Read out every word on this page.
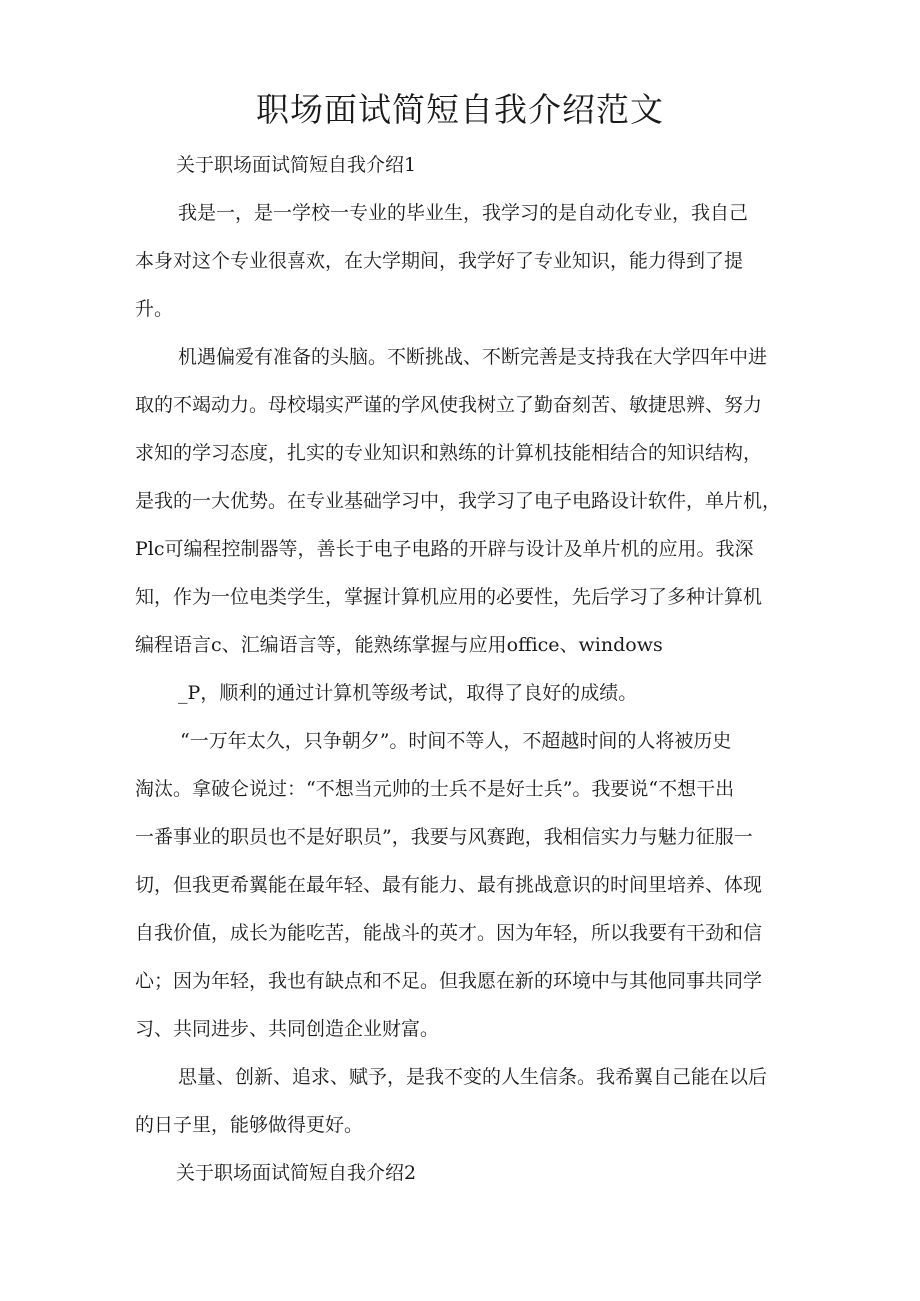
职场面试简短自我介绍范文
关于职场面试简短自我介绍1
我是一，是一学校一专业的毕业生，我学习的是自动化专业，我自己
本身对这个专业很喜欢，在大学期间，我学好了专业知识，能力得到了提
升。
机遇偏爱有准备的头脑。不断挑战、不断完善是支持我在大学四年中进
取的不竭动力。母校塌实严谨的学风使我树立了勤奋刻苦、敏捷思辨、努力
求知的学习态度，扎实的专业知识和熟练的计算机技能相结合的知识结构，
是我的一大优势。在专业基础学习中，我学习了电子电路设计软件，单片机，
Plc可编程控制器等，善长于电子电路的开辟与设计及单片机的应用。我深
知，作为一位电类学生，掌握计算机应用的必要性，先后学习了多种计算机
编程语言c、汇编语言等，能熟练掌握与应用office、windows
_P，顺利的通过计算机等级考试，取得了良好的成绩。
“一万年太久，只争朝夕”。时间不等人，不超越时间的人将被历史
淘汰。拿破仑说过：“不想当元帅的士兵不是好士兵”。我要说“不想干出
一番事业的职员也不是好职员”，我要与风赛跑，我相信实力与魅力征服一
切，但我更希翼能在最年轻、最有能力、最有挑战意识的时间里培养、体现
自我价值，成长为能吃苦，能战斗的英才。因为年轻，所以我要有干劲和信
心；因为年轻，我也有缺点和不足。但我愿在新的环境中与其他同事共同学
习、共同进步、共同创造企业财富。
思量、创新、追求、赋予，是我不变的人生信条。我希翼自己能在以后
的日子里，能够做得更好。
关于职场面试简短自我介绍2
